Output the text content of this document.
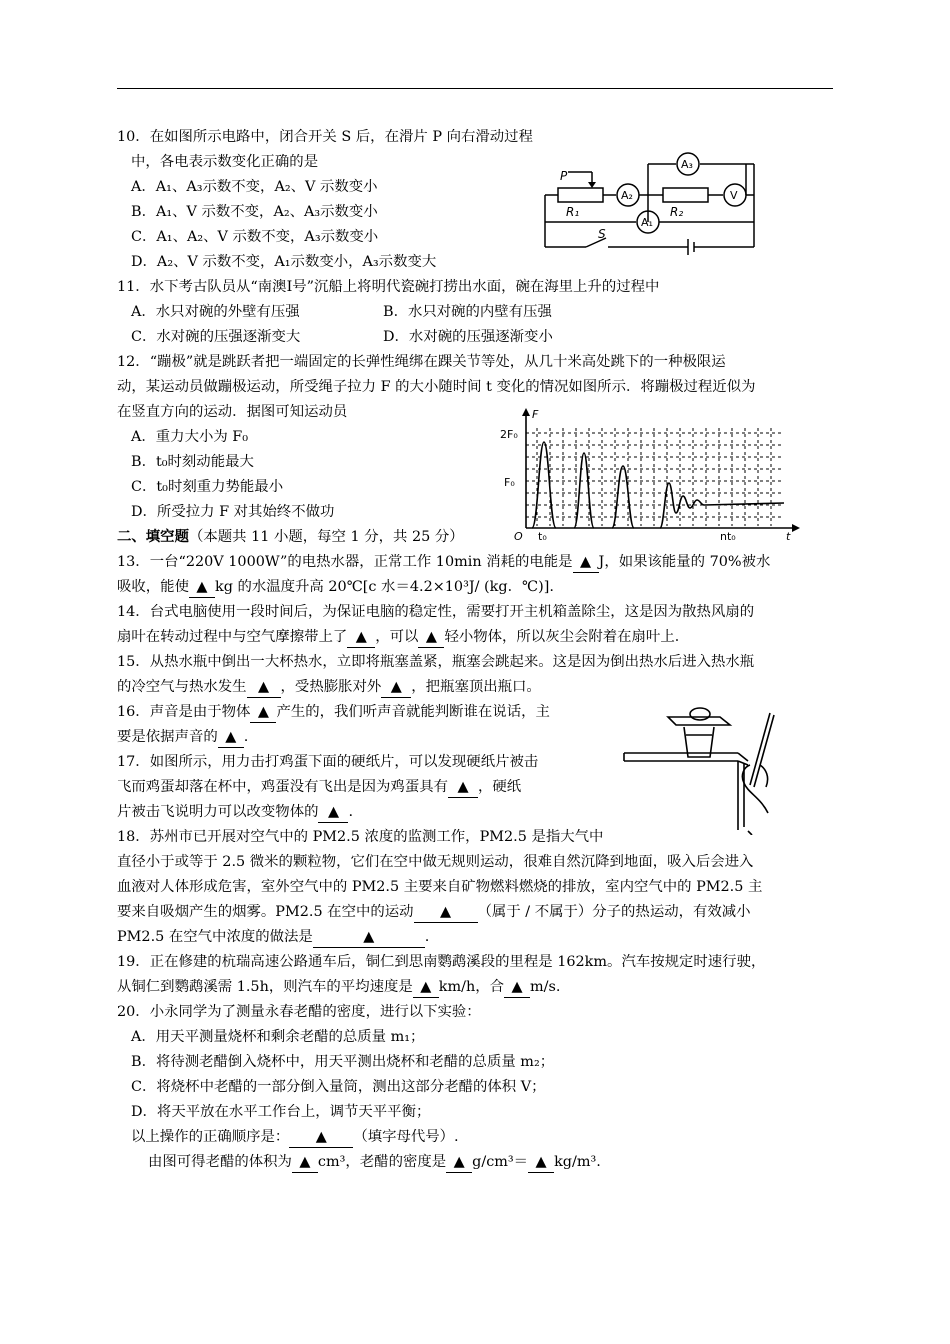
10．在如图所示电路中，闭合开关 S 后，在滑片 P 向右滑动过程
中，各电表示数变化正确的是
A．A₁、A₃示数不变，A₂、V 示数变小
B．A₁、V 示数不变，A₂、A₃示数变小
C．A₁、A₂、V 示数不变，A₃示数变小
D．A₂、V 示数不变，A₁示数变小，A₃示数变大
P
R₁	R₂
A₂
A₃
V
A₁
S
11．水下考古队员从“南澳Ⅰ号”沉船上将明代瓷碗打捞出水面，碗在海里上升的过程中
A．水只对碗的外壁有压强	B．水只对碗的内壁有压强
C．水对碗的压强逐渐变大	D．水对碗的压强逐渐变小
12．“蹦极”就是跳跃者把一端固定的长弹性绳绑在踝关节等处，从几十米高处跳下的一种极限运
动，某运动员做蹦极运动，所受绳子拉力 F 的大小随时间 t 变化的情况如图所示．将蹦极过程近似为
在竖直方向的运动．据图可知运动员
A．重力大小为 F₀
B．t₀时刻动能最大
C．t₀时刻重力势能最小
D．所受拉力 F 对其始终不做功
F
2F₀
F₀
O t₀	nt₀	t
二、填空题（本题共 11 小题，每空 1 分，共 25 分）
13．一台“220V 1000W”的电热水器，正常工作 10min 消耗的电能是 ▲ J，如果该能量的 70%被水
吸收，能使 ▲ kg 的水温度升高 20℃[c 水＝4.2×10³J/ (kg．℃)].
14．台式电脑使用一段时间后，为保证电脑的稳定性，需要打开主机箱盖除尘，这是因为散热风扇的
扇叶在转动过程中与空气摩擦带上了 ▲ ，可以 ▲ 轻小物体，所以灰尘会附着在扇叶上．
15．从热水瓶中倒出一大杯热水，立即将瓶塞盖紧，瓶塞会跳起来。这是因为倒出热水后进入热水瓶
的冷空气与热水发生 ▲ ，受热膨胀对外 ▲ ，把瓶塞顶出瓶口。
16．声音是由于物体 ▲ 产生的，我们听声音就能判断谁在说话，主
要是依据声音的 ▲ .
17．如图所示，用力击打鸡蛋下面的硬纸片，可以发现硬纸片被击
飞而鸡蛋却落在杯中，鸡蛋没有飞出是因为鸡蛋具有 ▲ ，硬纸
片被击飞说明力可以改变物体的 ▲ .
18．苏州市已开展对空气中的 PM2.5 浓度的监测工作，PM2.5 是指大气中
直径小于或等于 2.5 微米的颗粒物，它们在空中做无规则运动，很难自然沉降到地面，吸入后会进入
血液对人体形成危害，室外空气中的 PM2.5 主要来自矿物燃料燃烧的排放，室内空气中的 PM2.5 主
要来自吸烟产生的烟雾。PM2.5 在空中的运动 ▲ （属于 / 不属于）分子的热运动，有效减小
PM2.5 在空气中浓度的做法是	▲	.
19．正在修建的杭瑞高速公路通车后，铜仁到思南鹦鹉溪段的里程是 162km。汽车按规定时速行驶，
从铜仁到鹦鹉溪需 1.5h，则汽车的平均速度是 ▲ km/h，合 ▲ m/s.
20．小永同学为了测量永春老醋的密度，进行以下实验：
A．用天平测量烧杯和剩余老醋的总质量 m₁；
B．将待测老醋倒入烧杯中，用天平测出烧杯和老醋的总质量 m₂；
C．将烧杯中老醋的一部分倒入量筒，测出这部分老醋的体积 V；
D．将天平放在水平工作台上，调节天平平衡；
以上操作的正确顺序是： ▲ （填字母代号）.
由图可得老醋的体积为 ▲ cm³，老醋的密度是 ▲ g/cm³＝ ▲ kg/m³.
